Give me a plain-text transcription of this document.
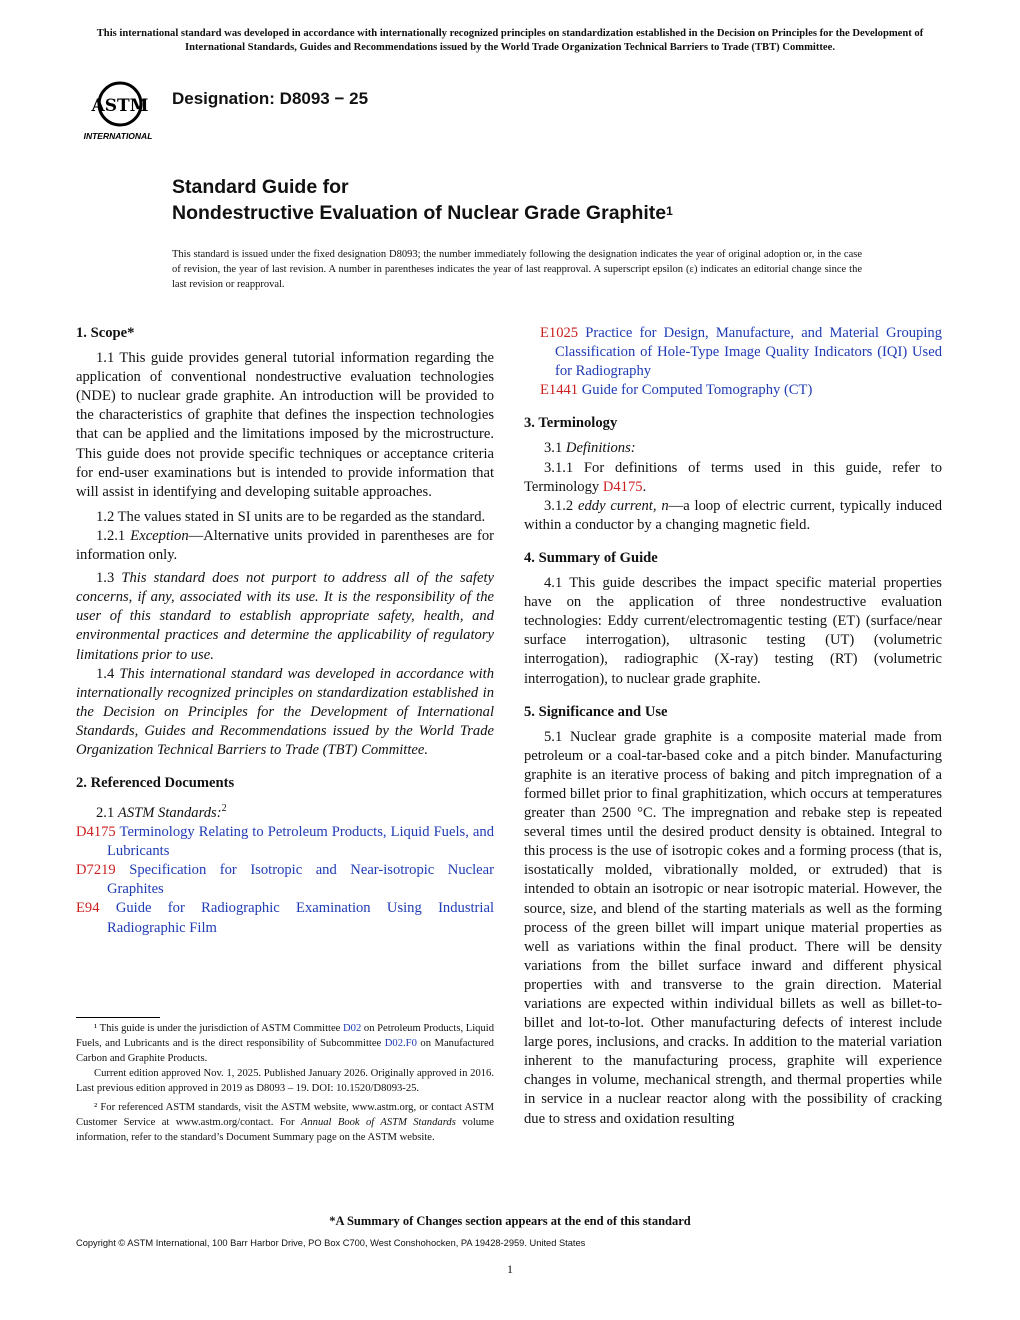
This international standard was developed in accordance with internationally recognized principles on standardization established in the Decision on Principles for the Development of International Standards, Guides and Recommendations issued by the World Trade Organization Technical Barriers to Trade (TBT) Committee.
ASTM
INTERNATIONAL
Designation: D8093 − 25
Standard Guide for
Nondestructive Evaluation of Nuclear Grade Graphite$^1$
This standard is issued under the fixed designation D8093; the number immediately following the designation indicates the year of original adoption or, in the case of revision, the year of last revision. A number in parentheses indicates the year of last reapproval. A superscript epsilon (ε) indicates an editorial change since the last revision or reapproval.
1. Scope*

1.1 This guide provides general tutorial information regarding the application of conventional nondestructive evaluation technologies (NDE) to nuclear grade graphite. An introduction will be provided to the characteristics of graphite that defines the inspection technologies that can be applied and the limitations imposed by the microstructure. This guide does not provide specific techniques or acceptance criteria for end-user examinations but is intended to provide information that will assist in identifying and developing suitable approaches.

1.2 The values stated in SI units are to be regarded as the standard.

1.2.1 Exception—Alternative units provided in parentheses are for information only.

1.3 This standard does not purport to address all of the safety concerns, if any, associated with its use. It is the responsibility of the user of this standard to establish appropriate safety, health, and environmental practices and determine the applicability of regulatory limitations prior to use.

1.4 This international standard was developed in accordance with internationally recognized principles on standardization established in the Decision on Principles for the Development of International Standards, Guides and Recommendations issued by the World Trade Organization Technical Barriers to Trade (TBT) Committee.

2. Referenced Documents

2.1 ASTM Standards:$^2$

D4175 Terminology Relating to Petroleum Products, Liquid Fuels, and Lubricants

D7219 Specification for Isotropic and Near-isotropic Nuclear Graphites

E94 Guide for Radiographic Examination Using Industrial Radiographic Film

¹ This guide is under the jurisdiction of ASTM Committee D02 on Petroleum Products, Liquid Fuels, and Lubricants and is the direct responsibility of Subcommittee D02.F0 on Manufactured Carbon and Graphite Products.

Current edition approved Nov. 1, 2025. Published January 2026. Originally approved in 2016. Last previous edition approved in 2019 as D8093 – 19. DOI: 10.1520/D8093-25.

² For referenced ASTM standards, visit the ASTM website, www.astm.org, or contact ASTM Customer Service at www.astm.org/contact. For Annual Book of ASTM Standards volume information, refer to the standard’s Document Summary page on the ASTM website.

E1025 Practice for Design, Manufacture, and Material Grouping Classification of Hole-Type Image Quality Indicators (IQI) Used for Radiography

E1441 Guide for Computed Tomography (CT)

3. Terminology

3.1 Definitions:

3.1.1 For definitions of terms used in this guide, refer to Terminology D4175.

3.1.2 eddy current, n—a loop of electric current, typically induced within a conductor by a changing magnetic field.

4. Summary of Guide

4.1 This guide describes the impact specific material properties have on the application of three nondestructive evaluation technologies: Eddy current/electromagentic testing (ET) (surface/near surface interrogation), ultrasonic testing (UT) (volumetric interrogation), radiographic (X-ray) testing (RT) (volumetric interrogation), to nuclear grade graphite.

5. Significance and Use

5.1 Nuclear grade graphite is a composite material made from petroleum or a coal-tar-based coke and a pitch binder. Manufacturing graphite is an iterative process of baking and pitch impregnation of a formed billet prior to final graphitization, which occurs at temperatures greater than 2500 °C. The impregnation and rebake step is repeated several times until the desired product density is obtained. Integral to this process is the use of isotropic cokes and a forming process (that is, isostatically molded, vibrationally molded, or extruded) that is intended to obtain an isotropic or near isotropic material. However, the source, size, and blend of the starting materials as well as the forming process of the green billet will impart unique material properties as well as variations within the final product. There will be density variations from the billet surface inward and different physical properties with and transverse to the grain direction. Material variations are expected within individual billets as well as billet-to-billet and lot-to-lot. Other manufacturing defects of interest include large pores, inclusions, and cracks. In addition to the material variation inherent to the manufacturing process, graphite will experience changes in volume, mechanical strength, and thermal properties while in service in a nuclear reactor along with the possibility of cracking due to stress and oxidation resulting

*A Summary of Changes section appears at the end of this standard
Copyright © ASTM International, 100 Barr Harbor Drive, PO Box C700, West Conshohocken, PA 19428-2959. United States
1
